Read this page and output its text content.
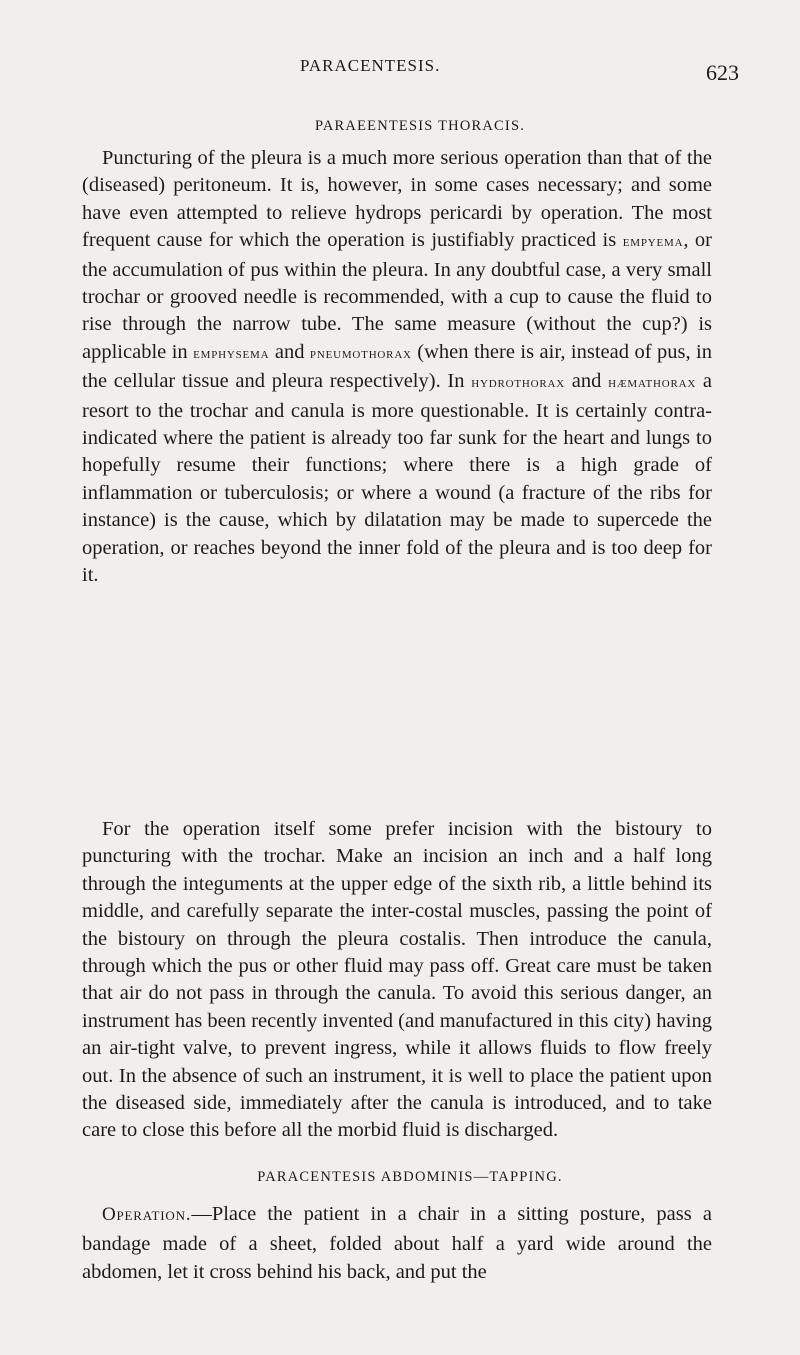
PARACENTESIS.	623
PARAEENTESIS THORACIS.
Puncturing of the pleura is a much more serious operation than that of the (diseased) peritoneum. It is, however, in some cases necessary; and some have even attempted to relieve hydrops pericardi by operation. The most frequent cause for which the operation is justifiably practiced is empyema, or the accumulation of pus within the pleura. In any doubtful case, a very small trochar or grooved needle is recommended, with a cup to cause the fluid to rise through the narrow tube. The same measure (without the cup?) is applicable in emphysema and pneumothorax (when there is air, instead of pus, in the cellular tissue and pleura respectively). In hydrothorax and hæmathorax a resort to the trochar and canula is more questionable. It is certainly contra-indicated where the patient is already too far sunk for the heart and lungs to hopefully resume their functions; where there is a high grade of inflammation or tuberculosis; or where a wound (a fracture of the ribs for instance) is the cause, which by dilatation may be made to supercede the operation, or reaches beyond the inner fold of the pleura and is too deep for it.
For the operation itself some prefer incision with the bistoury to puncturing with the trochar. Make an incision an inch and a half long through the integuments at the upper edge of the sixth rib, a little behind its middle, and carefully separate the inter-costal muscles, passing the point of the bistoury on through the pleura costalis. Then introduce the canula, through which the pus or other fluid may pass off. Great care must be taken that air do not pass in through the canula. To avoid this serious danger, an instrument has been recently invented (and manufactured in this city) having an air-tight valve, to prevent ingress, while it allows fluids to flow freely out. In the absence of such an instrument, it is well to place the patient upon the diseased side, immediately after the canula is introduced, and to take care to close this before all the morbid fluid is discharged.
PARACENTESIS ABDOMINIS—TAPPING.
Operation.—Place the patient in a chair in a sitting posture, pass a bandage made of a sheet, folded about half a yard wide around the abdomen, let it cross behind his back, and put the
